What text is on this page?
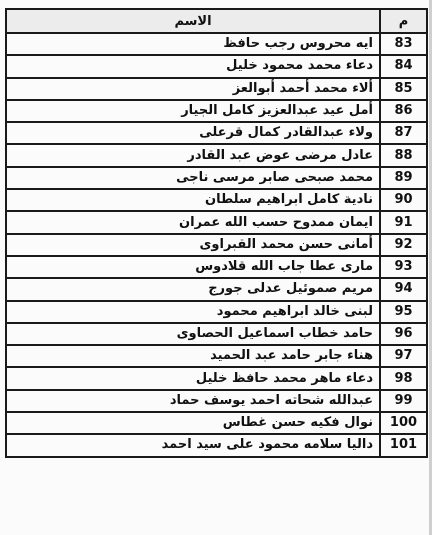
م	الاسم
83	ايه محروس رجب حافظ
84	دعاء محمد محمود خليل
85	ألاء محمد أحمد أبوالعز
86	أمل عيد عبدالعزيز كامل الجيار
87	ولاء عبدالقادر كمال قرعلى
88	عادل مرضى عوض عبد القادر
89	محمد صبحى صابر مرسى ناجى
90	نادية كامل ابراهيم سلطان
91	ايمان ممدوح حسب الله عمران
92	أمانى حسن محمد القبراوى
93	مارى عطا جاب الله قلادوس
94	مريم صموئيل عدلى جورج
95	لبنى خالد ابراهيم محمود
96	حامد خطاب اسماعيل الحصاوى
97	هناء جابر حامد عبد الحميد
98	دعاء ماهر محمد حافظ خليل
99	عبدالله شحاته احمد يوسف حماد
100	نوال فكيه حسن غطاس
101	داليا سلامه محمود على سيد احمد
